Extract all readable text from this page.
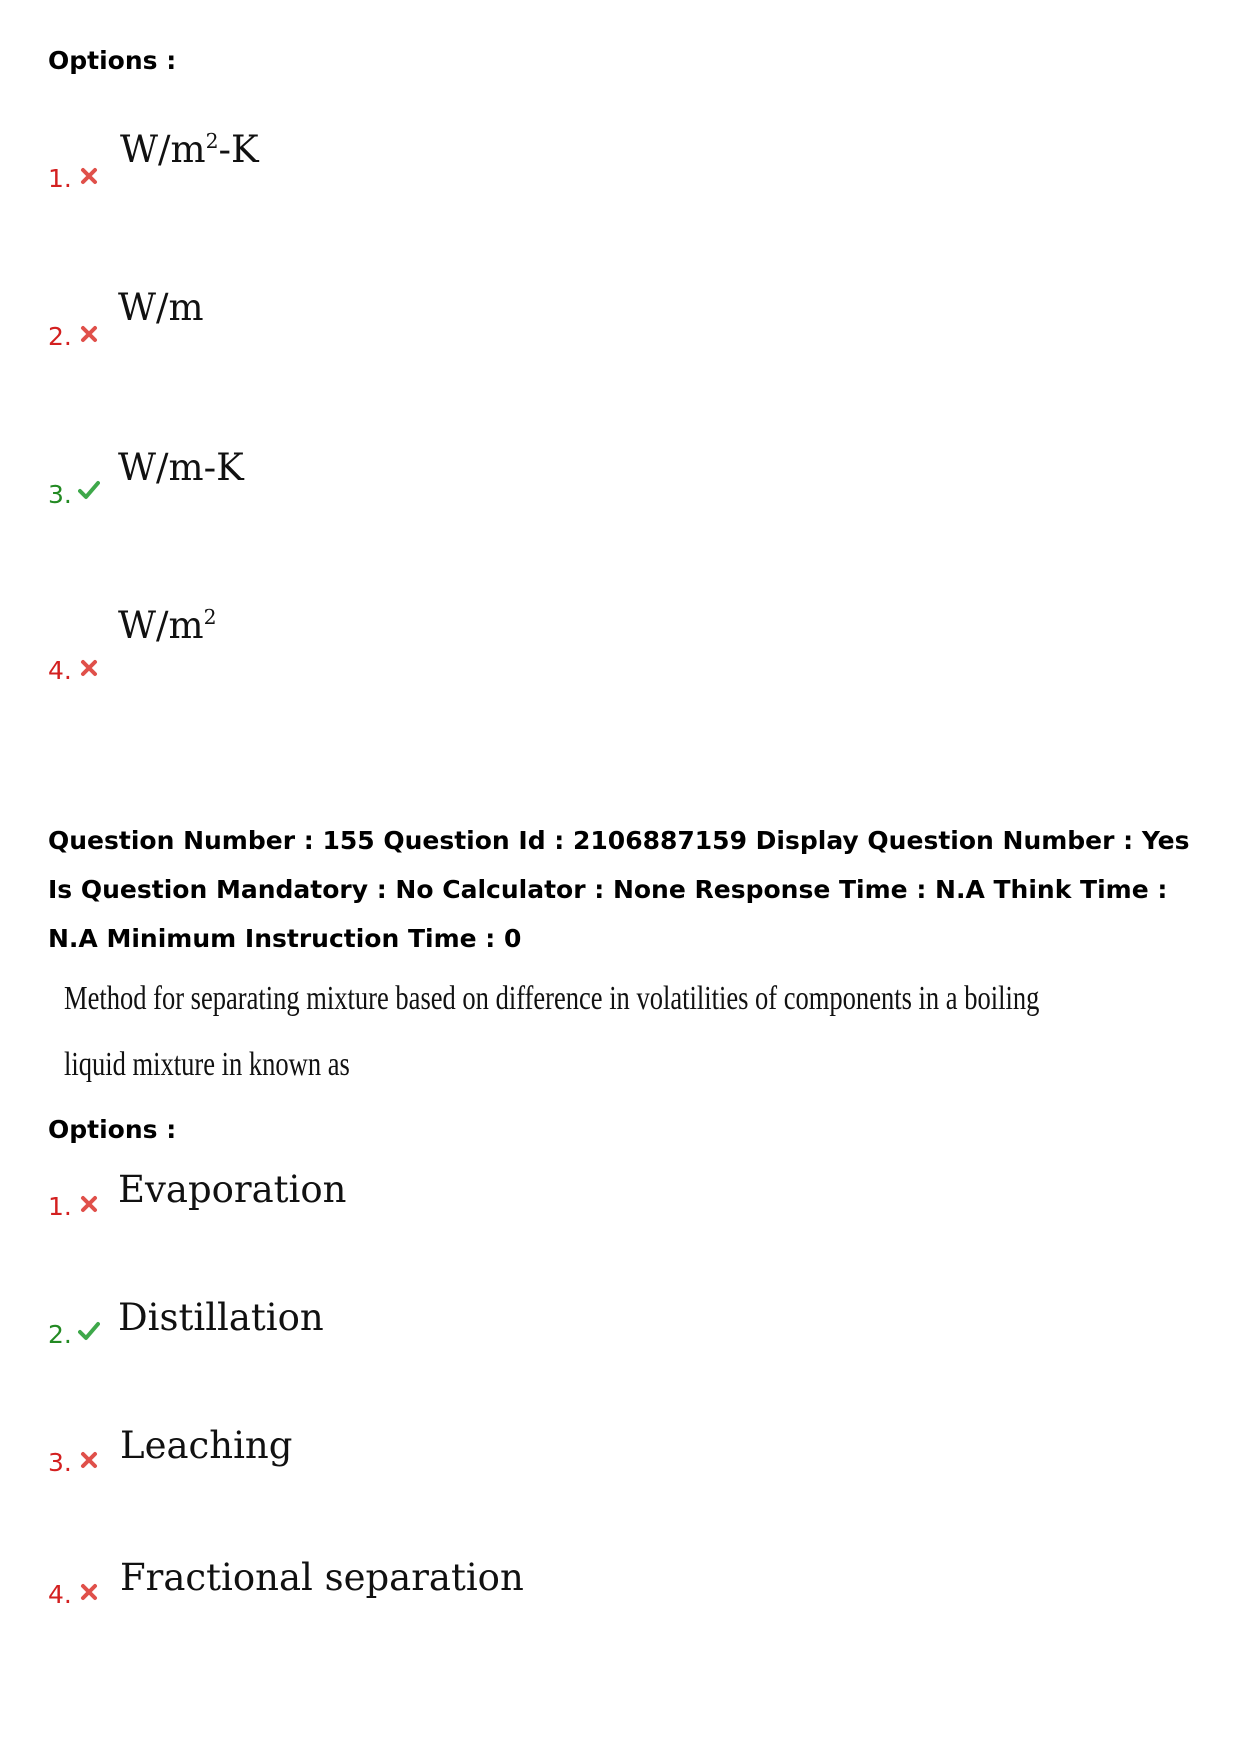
Options :
1.
$W/m^2-K$
2.
W/m
3.
W/m-K
4.
$W/m^2$
Question Number : 155 Question Id : 2106887159 Display Question Number : Yes Is Question Mandatory : No Calculator : None Response Time : N.A Think Time : N.A Minimum Instruction Time : 0
Method for separating mixture based on difference in volatilities of components in a boiling
liquid mixture in known as
Options :
1. Evaporation
2. Distillation
3. Leaching
4. Fractional separation
